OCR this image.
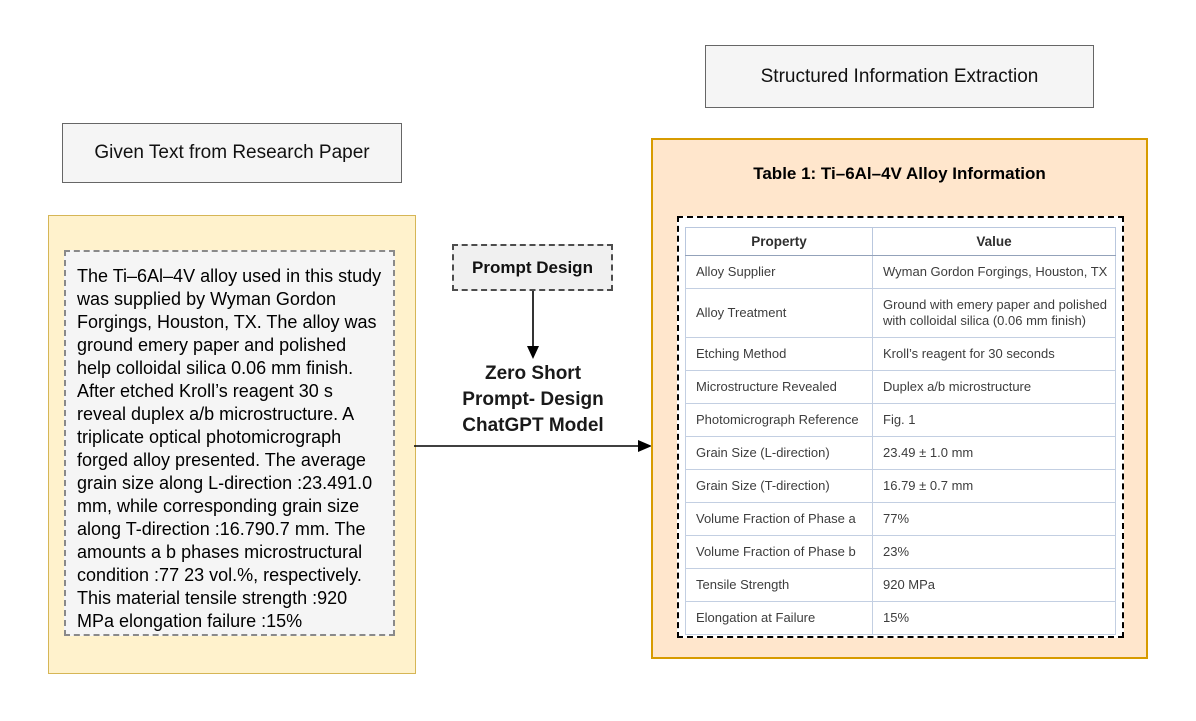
Given Text from Research Paper
Structured Information Extraction

The Ti–6Al–4V alloy used in this study was supplied by Wyman Gordon Forgings, Houston, TX. The alloy was ground emery paper and polished help colloidal silica 0.06 mm finish. After etched Kroll’s reagent 30 s reveal duplex a/b microstructure. A triplicate optical photomicrograph forged alloy presented. The average grain size along L-direction :23.491.0 mm, while corresponding grain size along T-direction :16.790.7 mm. The amounts a b phases microstructural condition :77 23 vol.%, respectively. This material tensile strength :920 MPa elongation failure :15%

Prompt Design
Zero Short
Prompt- Design
ChatGPT Model
Table 1: Ti–6Al–4V Alloy Information
Property	Value
Alloy Supplier	Wyman Gordon Forgings, Houston, TX
Alloy Treatment	Ground with emery paper and polished with colloidal silica (0.06 mm finish)
Etching Method	Kroll’s reagent for 30 seconds
Microstructure Revealed	Duplex a/b microstructure
Photomicrograph Reference	Fig. 1
Grain Size (L-direction)	23.49 ± 1.0 mm
Grain Size (T-direction)	16.79 ± 0.7 mm
Volume Fraction of Phase a	77%
Volume Fraction of Phase b	23%
Tensile Strength	920 MPa
Elongation at Failure	15%
